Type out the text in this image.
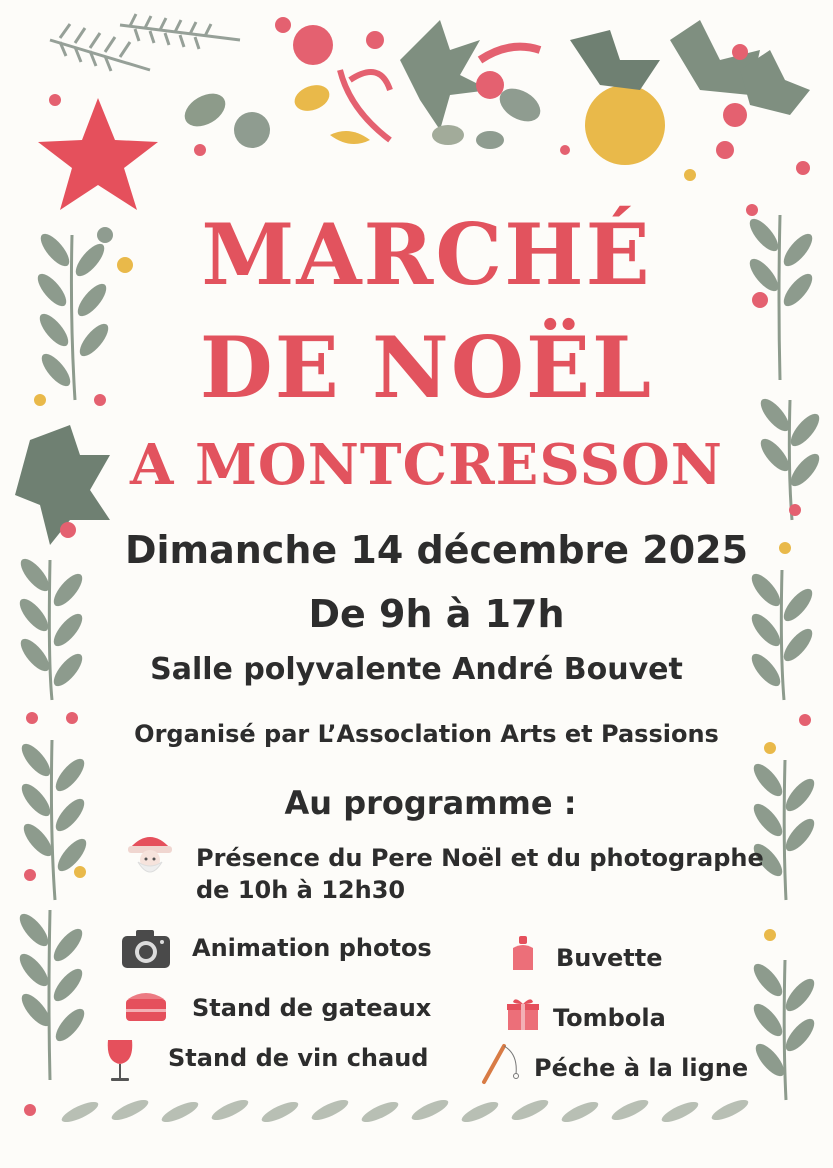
MARCHÉ
DE NOËL
A MONTCRESSON

Dimanche 14 décembre 2025

De 9h à 17h

Salle polyvalente André Bouvet

Organisé par L’Assoclation Arts et Passions

Au programme :

Présence du Pere Noël et du photographe
de 10h à 12h30
Animation photos
Stand de gateaux
Stand de vin chaud
Buvette
Tombola
Péche à la ligne
